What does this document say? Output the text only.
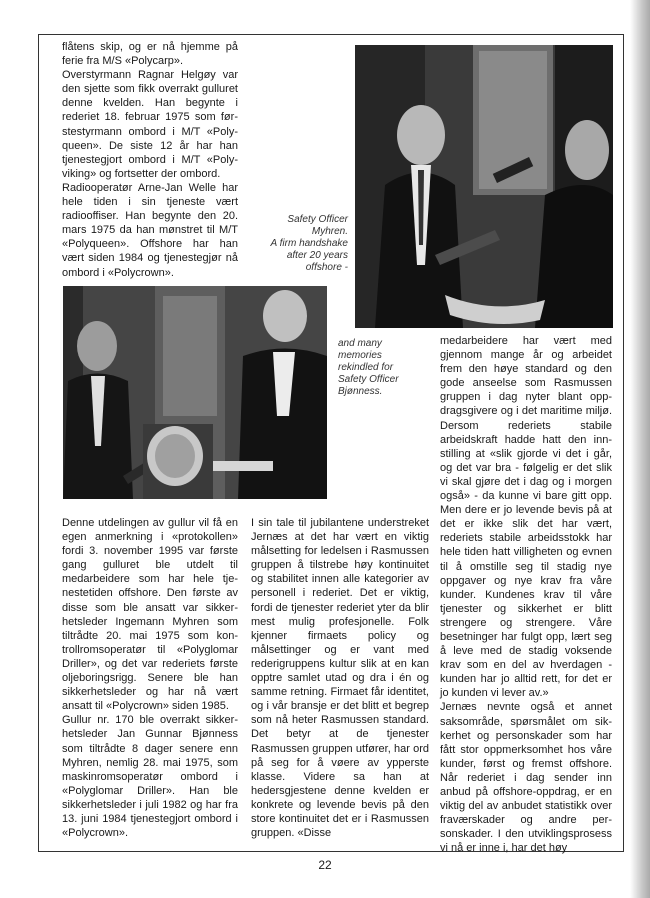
flåtens skip, og er nå hjemme på ferie fra M/S «Polycarp».

Overstyrmann Ragnar Helgøy var den sjette som fikk overrakt gulluret denne kvelden. Han begynte i rederiet 18. februar 1975 som førstestyrmann ombord i M/T «Polyqueen». De siste 12 år har han tjenestegjort ombord i M/T «Polyviking» og fortsetter der ombord.

Radiooperatør Arne-Jan Welle har hele tiden i sin tjeneste vært radiooffiser. Han begynte den 20. mars 1975 da han mønstret til M/T «Polyqueen». Offshore har han vært siden 1984 og tjenestegjør nå ombord i «Polycrown».

Safety Officer
Myhren.
A firm handshake
after 20 years
offshore -
and many
memories
rekindled for
Safety Officer
Bjønness.

Denne utdelingen av gullur vil få en egen anmerkning i «protokollen» fordi 3. november 1995 var første gang gulluret ble utdelt til medarbeidere som har hele tjenestetiden offshore. Den første av disse som ble ansatt var sikkerhetsleder Ingemann Myhren som tiltrådte 20. mai 1975 som kontrollromsoperatør til «Polyglomar Driller», og det var rederiets første oljeboringsrigg. Senere ble han sikkerhetsleder og har nå vært ansatt til «Polycrown» siden 1985.

Gullur nr. 170 ble overrakt sikkerhetsleder Jan Gunnar Bjønness som tiltrådte 8 dager senere enn Myhren, nemlig 28. mai 1975, som maskinromsoperatør ombord i «Polyglomar Driller». Han ble sikkerhetsleder i juli 1982 og har fra 13. juni 1984 tjenestegjort ombord i «Polycrown».

I sin tale til jubilantene understreket Jernæs at det har vært en viktig målsetting for ledelsen i Rasmussen gruppen å tilstrebe høy kontinuitet og stabilitet innen alle kategorier av personell i rederiet. Det er viktig, fordi de tjenester rederiet yter da blir mest mulig profesjonelle. Folk kjenner firmaets policy og målsettinger og er vant med rederigruppens kultur slik at en kan opptre samlet utad og dra i én og samme retning. Firmaet får identitet, og i vår bransje er det blitt et begrep som nå heter Rasmussen standard. Det betyr at de tjenester Rasmussen gruppen utfører, har ord på seg for å vøere av ypperste klasse. Videre sa han at hedersgjestene denne kvelden er konkrete og levende bevis på den store kontinuitet det er i Rasmussen gruppen. «Disse

medarbeidere har vært med gjennom mange år og arbeidet frem den høye standard og den gode anseelse som Rasmussen gruppen i dag nyter blant oppdragsgivere og i det maritime miljø. Dersom rederiets stabile arbeidskraft hadde hatt den innstilling at «slik gjorde vi det i går, og det var bra - følgelig er det slik vi skal gjøre det i dag og i morgen også» - da kunne vi bare gitt opp. Men dere er jo levende bevis på at det er ikke slik det har vært, rederiets stabile arbeidsstokk har hele tiden hatt villigheten og evnen til å omstille seg til stadig nye oppgaver og nye krav fra våre kunder. Kundenes krav til våre tjenester og sikkerhet er blitt strengere og strengere. Våre besetninger har fulgt opp, lært seg å leve med de stadig voksende krav som en del av hverdagen - kunden har jo alltid rett, for det er jo kunden vi lever av.»

Jernæs nevnte også et annet saksområde, spørsmålet om sikkerhet og personskader som har fått stor oppmerksomhet hos våre kunder, først og fremst offshore. Når rederiet i dag sender inn anbud på offshore-oppdrag, er en viktig del av anbudet statistikk over fraværskader og andre personskader. I den utviklingsprosess vi nå er inne i, har det høy

22
